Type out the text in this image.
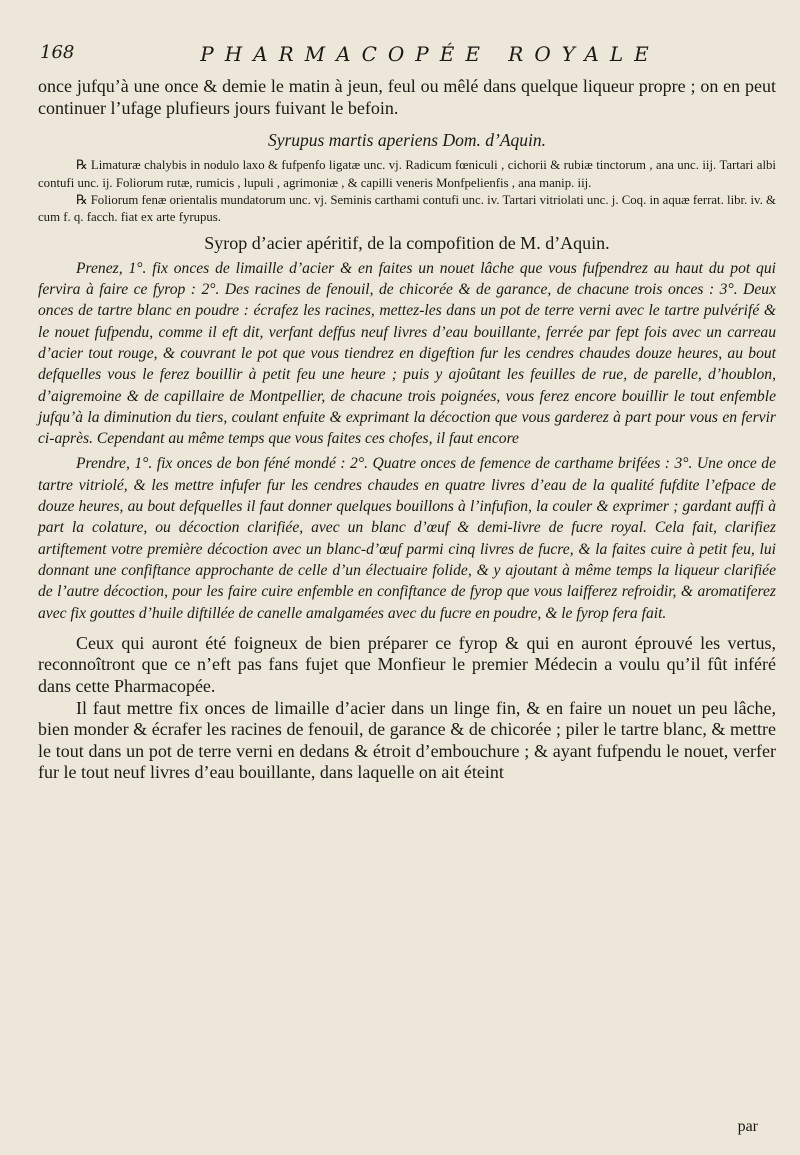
168	PHARMACOPÉE ROYALE

once jufqu’à une once & demie le matin à jeun, feul ou mêlé dans quelque liqueur propre ; on en peut continuer l’ufage plufieurs jours fuivant le befoin.

Syrupus martis aperiens Dom. d’Aquin.

℞ Limaturæ chalybis in nodulo laxo & fufpenfo ligatæ unc. vj. Radicum fœniculi , cichorii & rubiæ tinctorum , ana unc. iij. Tartari albi contufi unc. ij. Foliorum rutæ, rumicis , lupuli , agrimoniæ , & capilli veneris Monfpelienfis , ana manip. iij.

℞ Foliorum fenæ orientalis mundatorum unc. vj. Seminis carthami contufi unc. iv. Tartari vitriolati unc. j. Coq. in aquæ ferrat. libr. iv. & cum f. q. facch. fiat ex arte fyrupus.

Syrop d’acier apéritif, de la compofition de M. d’Aquin.

Prenez, 1°. fix onces de limaille d’acier & en faites un nouet lâche que vous fufpendrez au haut du pot qui fervira à faire ce fyrop : 2°. Des racines de fenouil, de chicorée & de garance, de chacune trois onces : 3°. Deux onces de tartre blanc en poudre : écrafez les racines, mettez-les dans un pot de terre verni avec le tartre pulvérifé & le nouet fufpendu, comme il eft dit, verfant deffus neuf livres d’eau bouillante, ferrée par fept fois avec un carreau d’acier tout rouge, & couvrant le pot que vous tiendrez en digeftion fur les cendres chaudes douze heures, au bout defquelles vous le ferez bouillir à petit feu une heure ; puis y ajoûtant les feuilles de rue, de parelle, d’houblon, d’aigremoine & de capillaire de Montpellier, de chacune trois poignées, vous ferez encore bouillir le tout enfemble jufqu’à la diminution du tiers, coulant enfuite & exprimant la décoction que vous garderez à part pour vous en fervir ci-après. Cependant au même temps que vous faites ces chofes, il faut encore

Prendre, 1°. fix onces de bon féné mondé : 2°. Quatre onces de femence de carthame brifées : 3°. Une once de tartre vitriolé, & les mettre infufer fur les cendres chaudes en quatre livres d’eau de la qualité fufdite l’efpace de douze heures, au bout defquelles il faut donner quelques bouillons à l’infufion, la couler & exprimer ; gardant auffi à part la colature, ou décoction clarifiée, avec un blanc d’œuf & demi-livre de fucre royal. Cela fait, clarifiez artiftement votre première décoction avec un blanc-d’œuf parmi cinq livres de fucre, & la faites cuire à petit feu, lui donnant une confiftance approchante de celle d’un électuaire folide, & y ajoutant à même temps la liqueur clarifiée de l’autre décoction, pour les faire cuire enfemble en confiftance de fyrop que vous laifferez refroidir, & aromatiferez avec fix gouttes d’huile diftillée de canelle amalgamées avec du fucre en poudre, & le fyrop fera fait.

Ceux qui auront été foigneux de bien préparer ce fyrop & qui en auront éprouvé les vertus, reconnoîtront que ce n’eft pas fans fujet que Monfieur le premier Médecin a voulu qu’il fût inféré dans cette Pharmacopée.

Il faut mettre fix onces de limaille d’acier dans un linge fin, & en faire un nouet un peu lâche, bien monder & écrafer les racines de fenouil, de garance & de chicorée ; piler le tartre blanc, & mettre le tout dans un pot de terre verni en dedans & étroit d’embouchure ; & ayant fufpendu le nouet, verfer fur le tout neuf livres d’eau bouillante, dans laquelle on ait éteint

par
